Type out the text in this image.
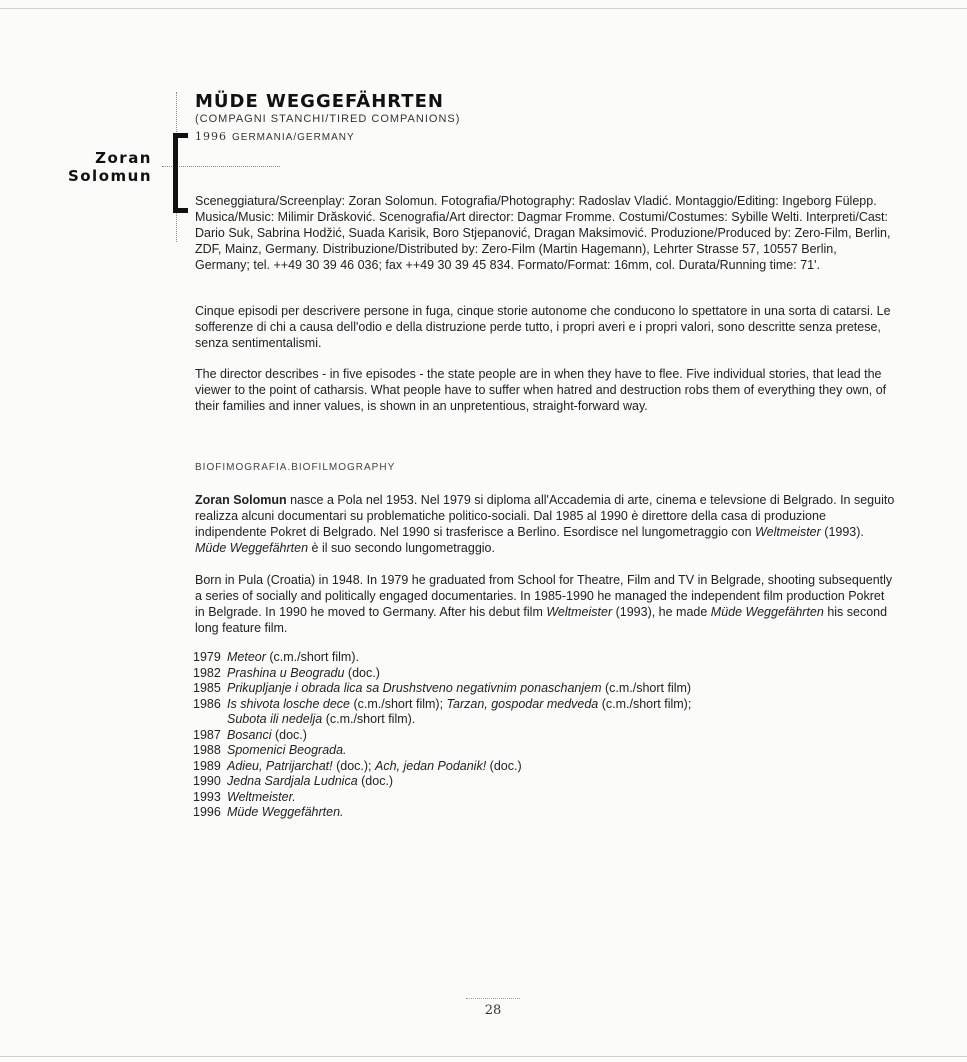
Zoran
Solomun
MÜDE WEGGEFÄHRTEN
(COMPAGNI STANCHI/TIRED COMPANIONS)
1996 GERMANIA/GERMANY

Sceneggiatura/Screenplay: Zoran Solomun. Fotografia/Photography: Radoslav Vladić. Montaggio/Editing: Ingeborg Fülepp. Musica/Music: Milimir Drăsković. Scenografia/Art director: Dagmar Fromme. Costumi/Costumes: Sybille Welti. Interpreti/Cast: Dario Suk, Sabrina Hodžić, Suada Karisik, Boro Stjepanović, Dragan Maksimović. Produzione/Produced by: Zero-Film, Berlin, ZDF, Mainz, Germany. Distribuzione/Distributed by: Zero-Film (Martin Hagemann), Lehrter Strasse 57, 10557 Berlin, Germany; tel. ++49 30 39 46 036; fax ++49 30 39 45 834. Formato/Format: 16mm, col. Durata/Running time: 71'.

Cinque episodi per descrivere persone in fuga, cinque storie autonome che conducono lo spettatore in una sorta di catarsi. Le sofferenze di chi a causa dell'odio e della distruzione perde tutto, i propri averi e i propri valori, sono descritte senza pretese, senza sentimentalismi.

The director describes - in five episodes - the state people are in when they have to flee. Five individual stories, that lead the viewer to the point of catharsis. What people have to suffer when hatred and destruction robs them of everything they own, of their families and inner values, is shown in an unpretentious, straight-forward way.

BIOFIMOGRAFIA.BIOFILMOGRAPHY

Zoran Solomun nasce a Pola nel 1953. Nel 1979 si diploma all'Accademia di arte, cinema e televsione di Belgrado. In seguito realizza alcuni documentari su problematiche politico-sociali. Dal 1985 al 1990 è direttore della casa di produzione indipendente Pokret di Belgrado. Nel 1990 si trasferisce a Berlino. Esordisce nel lungometraggio con Weltmeister (1993). Müde Weggefährten è il suo secondo lungometraggio.

Born in Pula (Croatia) in 1948. In 1979 he graduated from School for Theatre, Film and TV in Belgrade, shooting subsequently a series of socially and politically engaged documentaries. In 1985-1990 he managed the independent film production Pokret in Belgrade. In 1990 he moved to Germany. After his debut film Weltmeister (1993), he made Müde Weggefährten his second long feature film.

1979 Meteor (c.m./short film).
1982 Prashina u Beogradu (doc.)
1985 Prikupljanje i obrada lica sa Drushstveno negativnim ponaschanjem (c.m./short film)
1986 Is shivota losche dece (c.m./short film); Tarzan, gospodar medveda (c.m./short film);
Subota ili nedelja (c.m./short film).
1987 Bosanci (doc.)
1988 Spomenici Beograda.
1989 Adieu, Patrijarchat! (doc.); Ach, jedan Podanik! (doc.)
1990 Jedna Sardjala Ludnica (doc.)
1993 Weltmeister.
1996 Müde Weggefährten.
28
